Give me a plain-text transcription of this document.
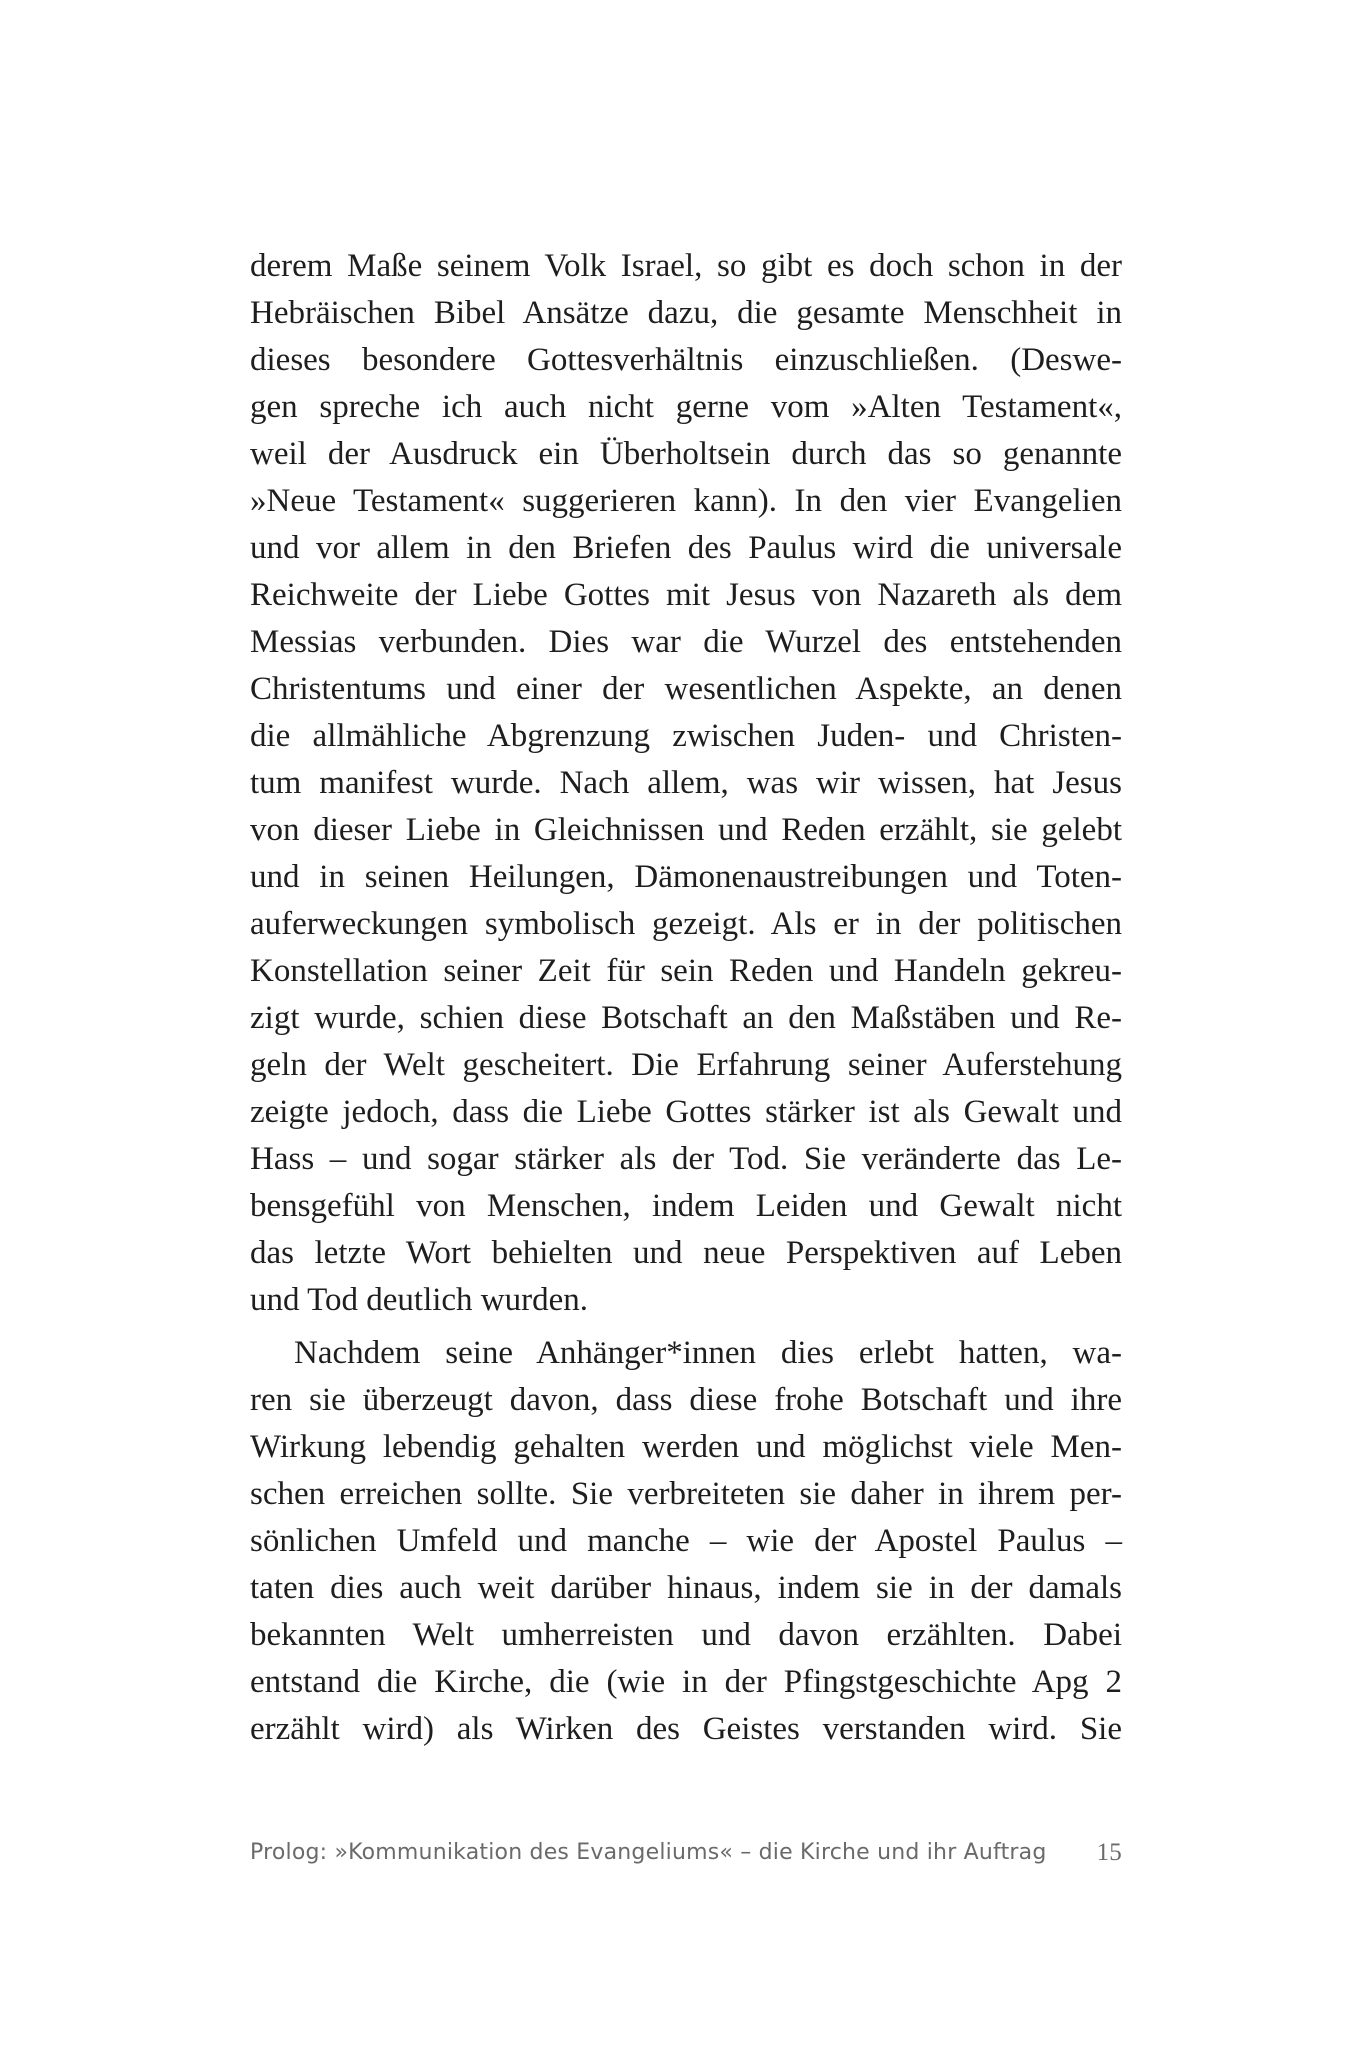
derem Maße seinem Volk Israel, so gibt es doch schon in der
Hebräischen Bibel Ansätze dazu, die gesamte Menschheit in
dieses besondere Gottesverhältnis einzuschließen. (Deswe-
gen spreche ich auch nicht gerne vom »Alten Testament«,
weil der Ausdruck ein Überholtsein durch das so genannte
»Neue Testament« suggerieren kann). In den vier Evangelien
und vor allem in den Briefen des Paulus wird die universale
Reichweite der Liebe Gottes mit Jesus von Nazareth als dem
Messias verbunden. Dies war die Wurzel des entstehenden
Christentums und einer der wesentlichen Aspekte, an denen
die allmähliche Abgrenzung zwischen Juden- und Christen-
tum manifest wurde. Nach allem, was wir wissen, hat Jesus
von dieser Liebe in Gleichnissen und Reden erzählt, sie gelebt
und in seinen Heilungen, Dämonenaustreibungen und Toten-
auferweckungen symbolisch gezeigt. Als er in der politischen
Konstellation seiner Zeit für sein Reden und Handeln gekreu-
zigt wurde, schien diese Botschaft an den Maßstäben und Re-
geln der Welt gescheitert. Die Erfahrung seiner Auferstehung
zeigte jedoch, dass die Liebe Gottes stärker ist als Gewalt und
Hass – und sogar stärker als der Tod. Sie veränderte das Le-
bensgefühl von Menschen, indem Leiden und Gewalt nicht
das letzte Wort behielten und neue Perspektiven auf Leben
und Tod deutlich wurden.
Nachdem seine Anhänger*innen dies erlebt hatten, wa-
ren sie überzeugt davon, dass diese frohe Botschaft und ihre
Wirkung lebendig gehalten werden und möglichst viele Men-
schen erreichen sollte. Sie verbreiteten sie daher in ihrem per-
sönlichen Umfeld und manche – wie der Apostel Paulus –
taten dies auch weit darüber hinaus, indem sie in der damals
bekannten Welt umherreisten und davon erzählten. Dabei
entstand die Kirche, die (wie in der Pfingstgeschichte Apg 2
erzählt wird) als Wirken des Geistes verstanden wird. Sie
Prolog: »Kommunikation des Evangeliums« – die Kirche und ihr Auftrag 15
